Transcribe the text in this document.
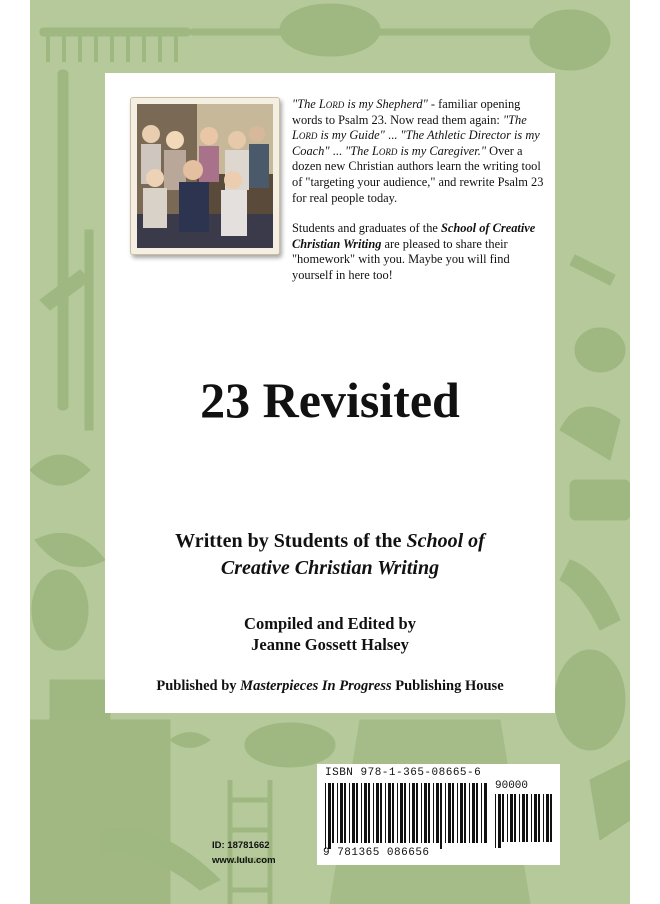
"The Lord is my Shepherd" - familiar opening words to Psalm 23. Now read them again: "The Lord is my Guide" ... "The Athletic Director is my Coach" ... "The Lord is my Caregiver." Over a dozen new Christian authors learn the writing tool of "targeting your audience," and rewrite Psalm 23 for real people today.

Students and graduates of the School of Creative Christian Writing are pleased to share their "homework" with you. Maybe you will find yourself in here too!

23 Revisited
Written by Students of the School of
Creative Christian Writing
Compiled and Edited by
Jeanne Gossett Halsey
Published by Masterpieces In Progress Publishing House
ID: 18781662
www.lulu.com
ISBN 978-1-365-08665-6
90000
9 781365 086656
